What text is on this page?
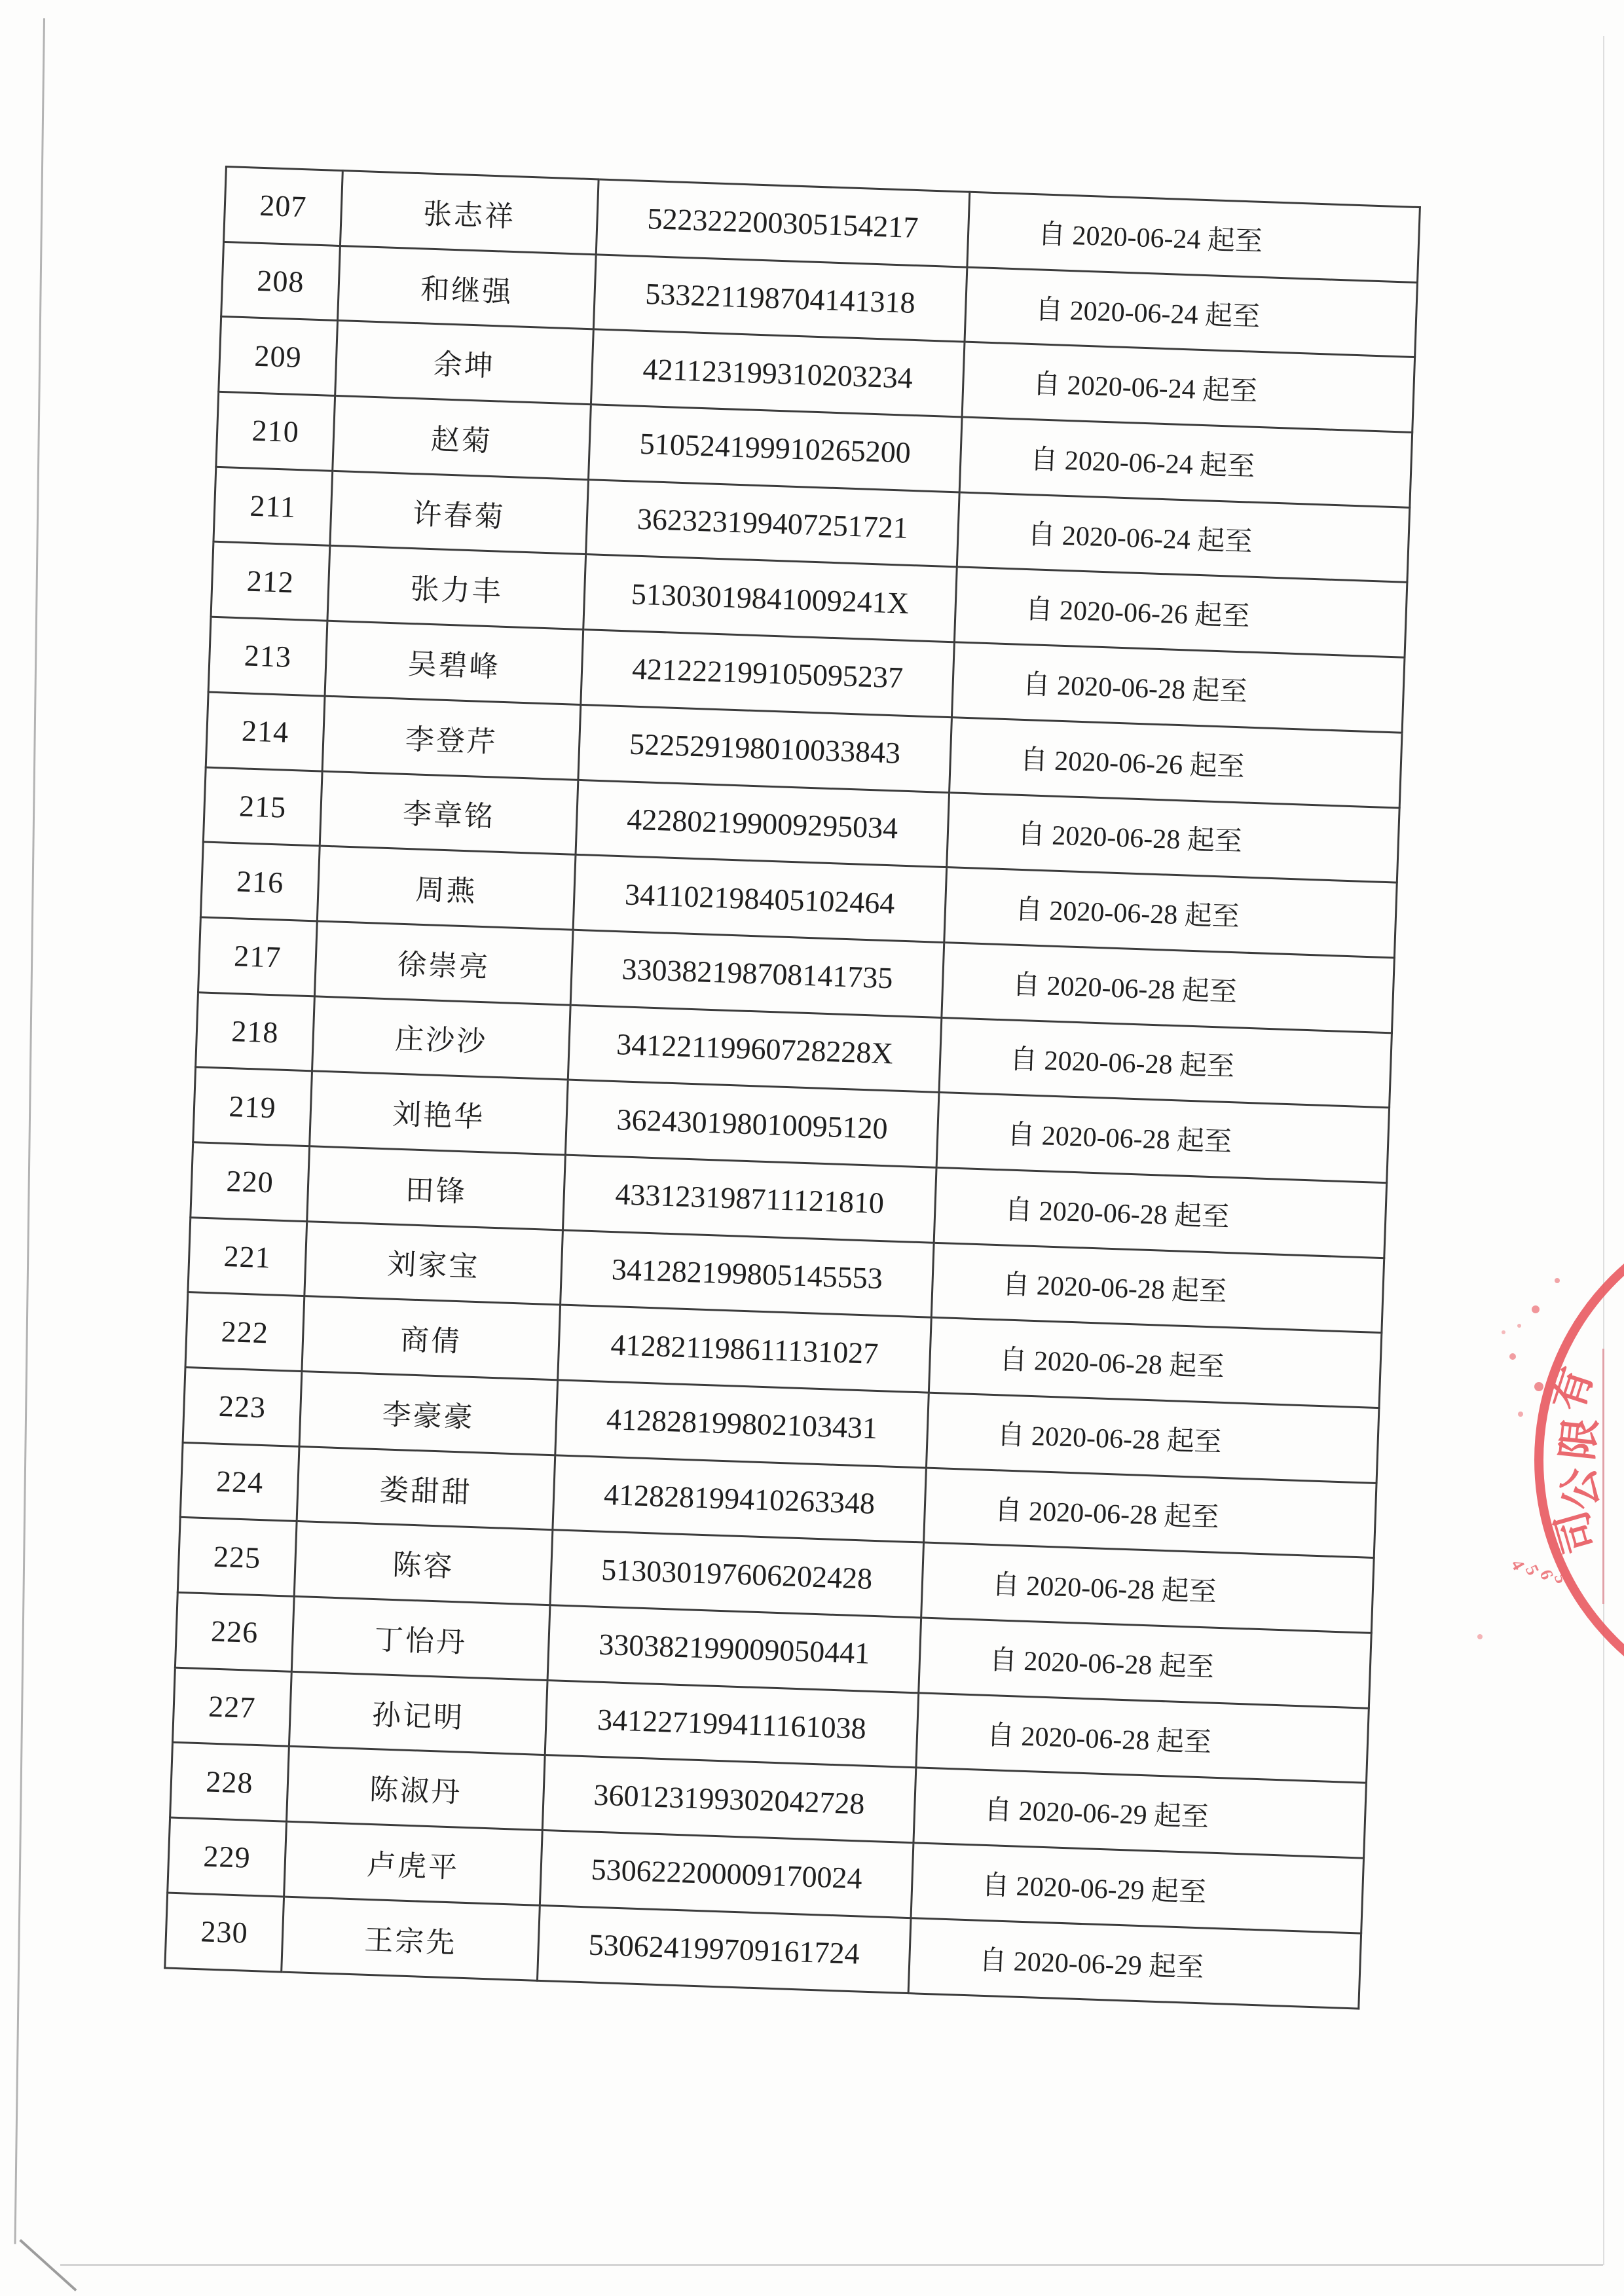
207	张志祥	522322200305154217	自 2020-06-24 起至
208	和继强	533221198704141318	自 2020-06-24 起至
209	余坤	421123199310203234	自 2020-06-24 起至
210	赵菊	510524199910265200	自 2020-06-24 起至
211	许春菊	362323199407251721	自 2020-06-24 起至
212	张力丰	51303019841009241X	自 2020-06-26 起至
213	吴碧峰	421222199105095237	自 2020-06-28 起至
214	李登芹	522529198010033843	自 2020-06-26 起至
215	李章铭	422802199009295034	自 2020-06-28 起至
216	周燕	341102198405102464	自 2020-06-28 起至
217	徐崇亮	330382198708141735	自 2020-06-28 起至
218	庄沙沙	34122119960728228X	自 2020-06-28 起至
219	刘艳华	362430198010095120	自 2020-06-28 起至
220	田锋	433123198711121810	自 2020-06-28 起至
221	刘家宝	341282199805145553	自 2020-06-28 起至
222	商倩	412821198611131027	自 2020-06-28 起至
223	李豪豪	412828199802103431	自 2020-06-28 起至
224	娄甜甜	412828199410263348	自 2020-06-28 起至
225	陈容	513030197606202428	自 2020-06-28 起至
226	丁怡丹	330382199009050441	自 2020-06-28 起至
227	孙记明	341227199411161038	自 2020-06-28 起至
228	陈淑丹	360123199302042728	自 2020-06-29 起至
229	卢虎平	530622200009170024	自 2020-06-29 起至
230	王宗先	530624199709161724	自 2020-06-29 起至
有
限
公
司
4
5
6
5
